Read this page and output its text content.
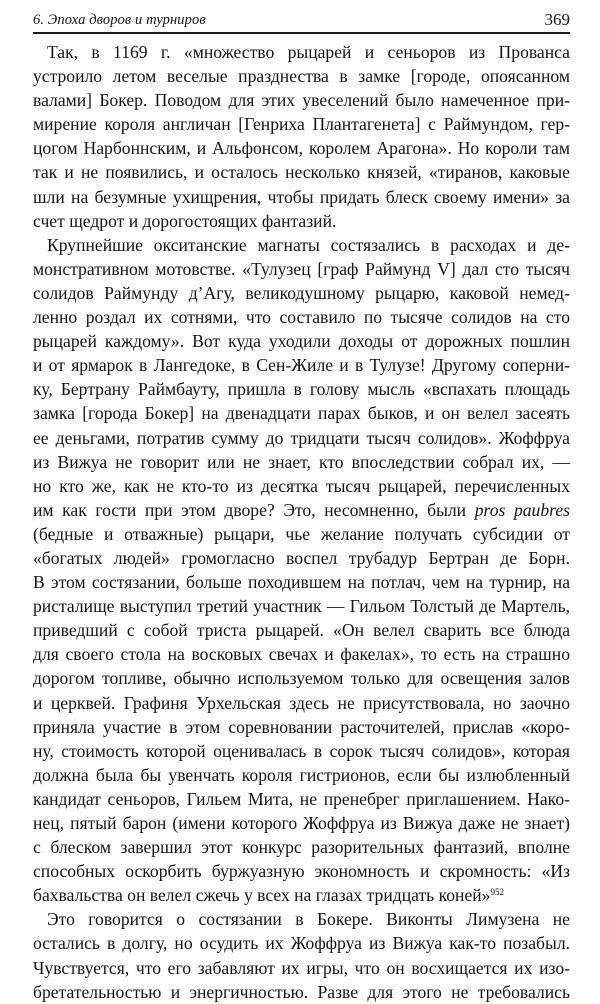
6. Эпоха дворов и турниров	369

Так, в 1169 г. «множество рыцарей и сеньоров из Прованса
устроило летом веселые празднества в замке [городе, опоясанном
валами] Бокер. Поводом для этих увеселений было намеченное при-
мирение короля англичан [Генриха Плантагенета] с Раймундом, гер-
цогом Нарбоннским, и Альфонсом, королем Арагона». Но короли там
так и не появились, и осталось несколько князей, «тиранов, каковые
шли на безумные ухищрения, чтобы придать блеск своему имени» за
счет щедрот и дорогостоящих фантазий.

Крупнейшие окситанские магнаты состязались в расходах и де-
монстративном мотовстве. «Тулузец [граф Раймунд V] дал сто тысяч
солидов Раймунду д’Агу, великодушному рыцарю, каковой немед-
ленно роздал их сотнями, что составило по тысяче солидов на сто
рыцарей каждому». Вот куда уходили доходы от дорожных пошлин
и от ярмарок в Лангедоке, в Сен-Жиле и в Тулузе! Другому соперни-
ку, Бертрану Раймбауту, пришла в голову мысль «вспахать площадь
замка [города Бокер] на двенадцати парах быков, и он велел засеять
ее деньгами, потратив сумму до тридцати тысяч солидов». Жоффруа
из Вижуа не говорит или не знает, кто впоследствии собрал их, —
но кто же, как не кто-то из десятка тысяч рыцарей, перечисленных
им как гости при этом дворе? Это, несомненно, были pros paubres
(бедные и отважные) рыцари, чье желание получать субсидии от
«богатых людей» громогласно воспел трубадур Бертран де Борн.
В этом состязании, больше походившем на потлач, чем на турнир, на
ристалище выступил третий участник — Гильом Толстый де Мартель,
приведший с собой триста рыцарей. «Он велел сварить все блюда
для своего стола на восковых свечах и факелах», то есть на страшно
дорогом топливе, обычно используемом только для освещения залов
и церквей. Графиня Урхельская здесь не присутствовала, но заочно
приняла участие в этом соревновании расточителей, прислав «коро-
ну, стоимость которой оценивалась в сорок тысяч солидов», которая
должна была бы увенчать короля гистрионов, если бы излюбленный
кандидат сеньоров, Гильем Мита, не пренебрег приглашением. Нако-
нец, пятый барон (имени которого Жоффруа из Вижуа даже не знает)
с блеском завершил этот конкурс разорительных фантазий, вполне
способных оскорбить буржуазную экономность и скромность: «Из
бахвальства он велел сжечь у всех на глазах тридцать коней»$^{952}$

Это говорится о состязании в Бокере. Виконты Лимузена не
остались в долгу, но осудить их Жоффруа из Вижуа как-то позабыл.
Чувствуется, что его забавляют их игры, что он восхищается их изо-
бретательностью и энергичностью. Разве для этого не требовались
